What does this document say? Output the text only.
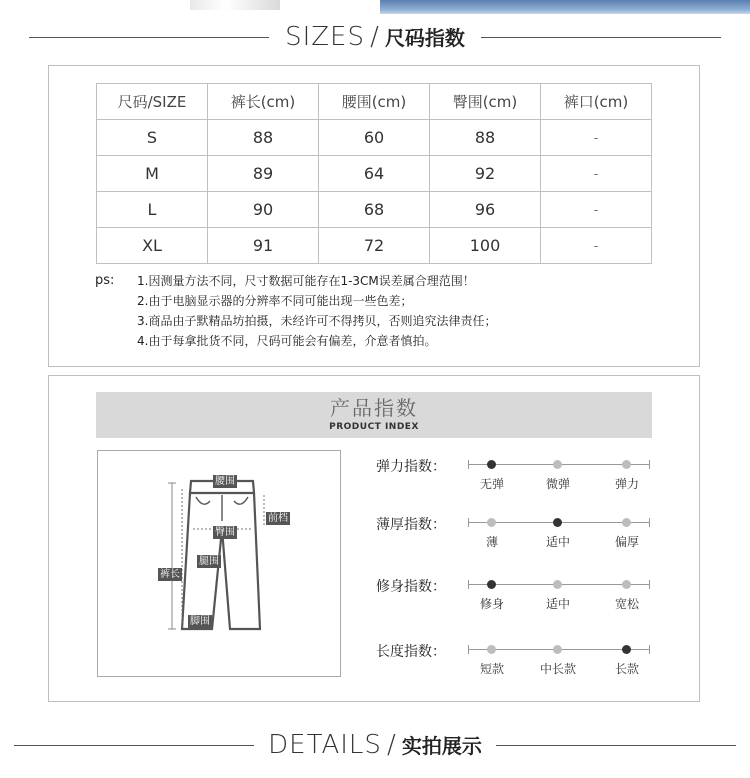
SIZES / 尺码指数
尺码/SIZE	裤长(cm)	腰围(cm)	臀围(cm)	裤口(cm)
S	88	60	88	-
M	89	64	92	-
L	90	68	96	-
XL	91	72	100	-
ps: 1.因测量方法不同，尺寸数据可能存在1-3CM误差属合理范围！
2.由于电脑显示器的分辨率不同可能出现一些色差；
3.商品由子默精品坊拍摄，未经许可不得拷贝，否则追究法律责任；
4.由于每拿批货不同，尺码可能会有偏差，介意者慎拍。
产品指数
PRODUCT INDEX
腰围
前档
臀围
裤长
腿围
脚围
弹力指数：
无弹	微弹	弹力
薄厚指数：
薄	适中	偏厚
修身指数：
修身	适中	宽松
长度指数：
短款	中长款	长款
DETAILS / 实拍展示
